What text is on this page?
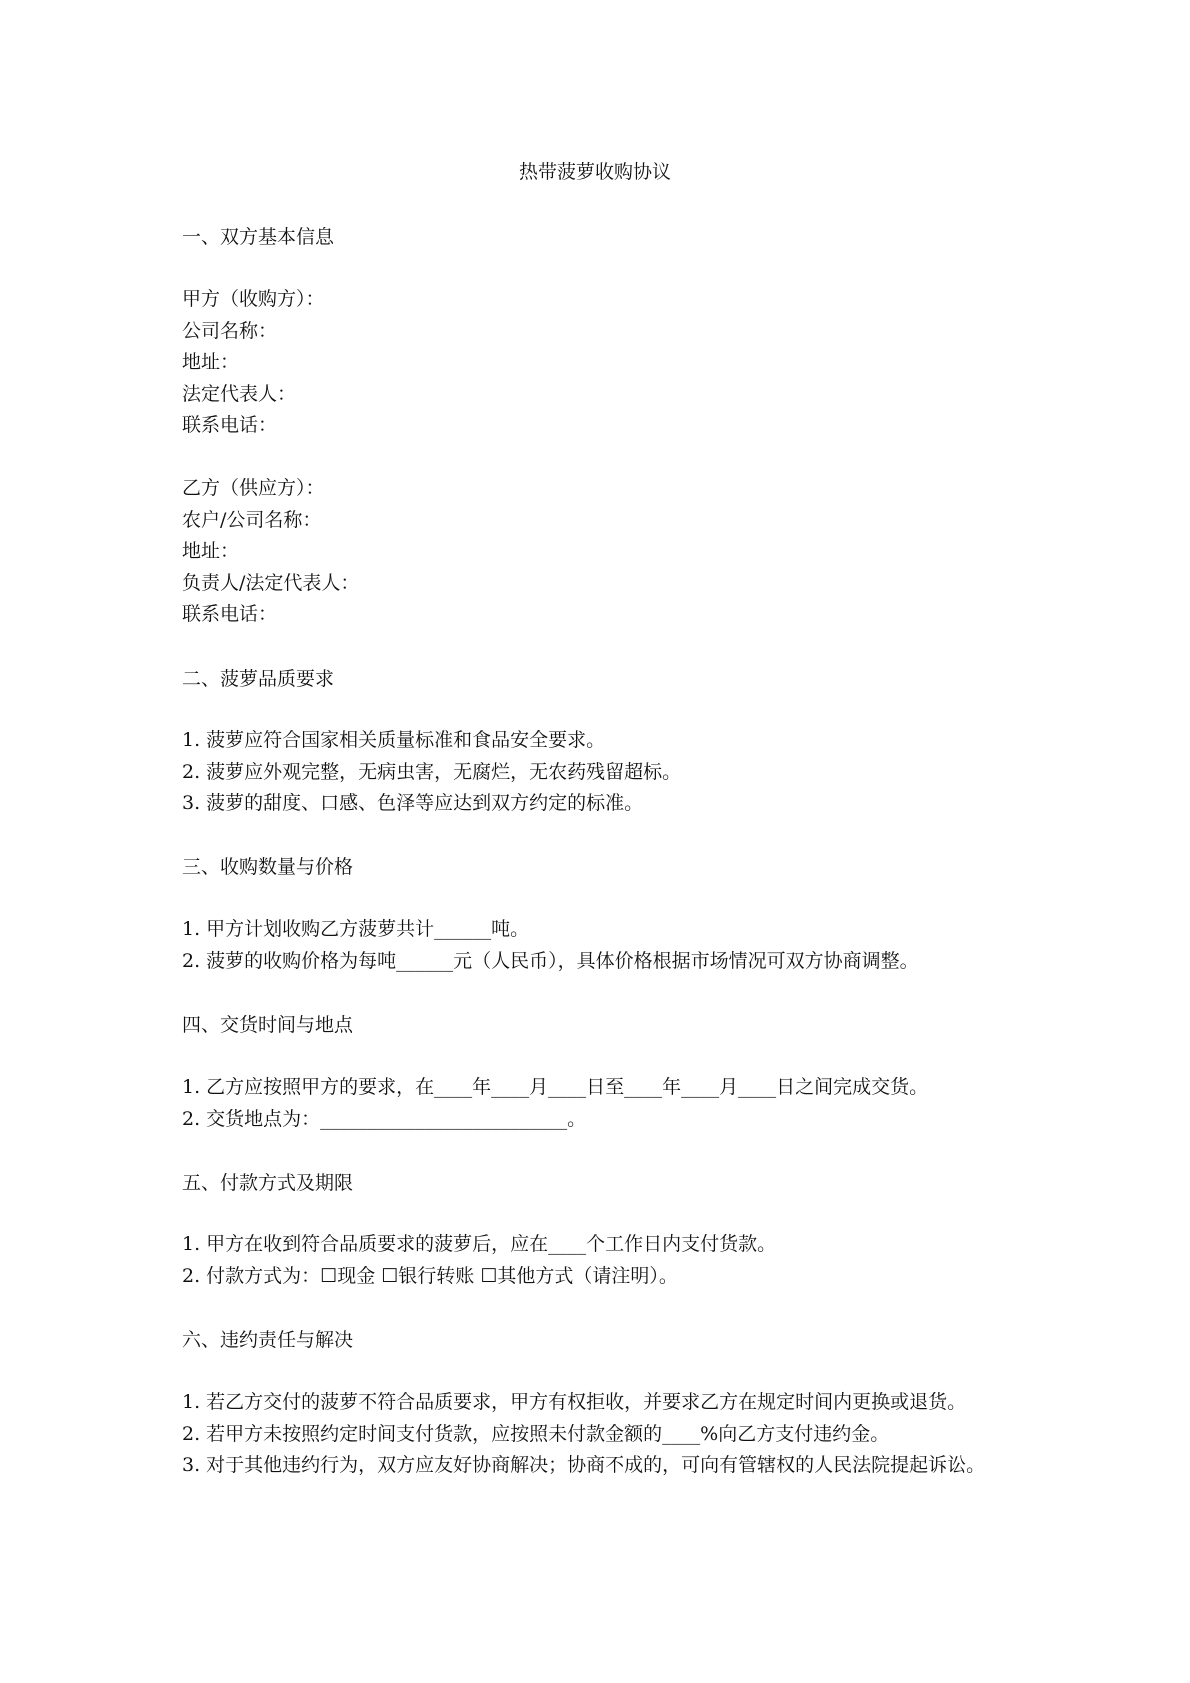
热带菠萝收购协议
一、双方基本信息
甲方（收购方）：
公司名称：
地址：
法定代表人：
联系电话：
乙方（供应方）：
农户/公司名称：
地址：
负责人/法定代表人：
联系电话：
二、菠萝品质要求
1. 菠萝应符合国家相关质量标准和食品安全要求。
2. 菠萝应外观完整，无病虫害，无腐烂，无农药残留超标。
3. 菠萝的甜度、口感、色泽等应达到双方约定的标准。
三、收购数量与价格
1. 甲方计划收购乙方菠萝共计______吨。
2. 菠萝的收购价格为每吨______元（人民币），具体价格根据市场情况可双方协商调整。
四、交货时间与地点
1. 乙方应按照甲方的要求，在____年____月____日至____年____月____日之间完成交货。
2. 交货地点为：__________________________。
五、付款方式及期限
1. 甲方在收到符合品质要求的菠萝后，应在____个工作日内支付货款。
2. 付款方式为：☐现金 ☐银行转账 ☐其他方式（请注明）。
六、违约责任与解决
1. 若乙方交付的菠萝不符合品质要求，甲方有权拒收，并要求乙方在规定时间内更换或退货。
2. 若甲方未按照约定时间支付货款，应按照未付款金额的____%向乙方支付违约金。
3. 对于其他违约行为，双方应友好协商解决；协商不成的，可向有管辖权的人民法院提起诉讼。
